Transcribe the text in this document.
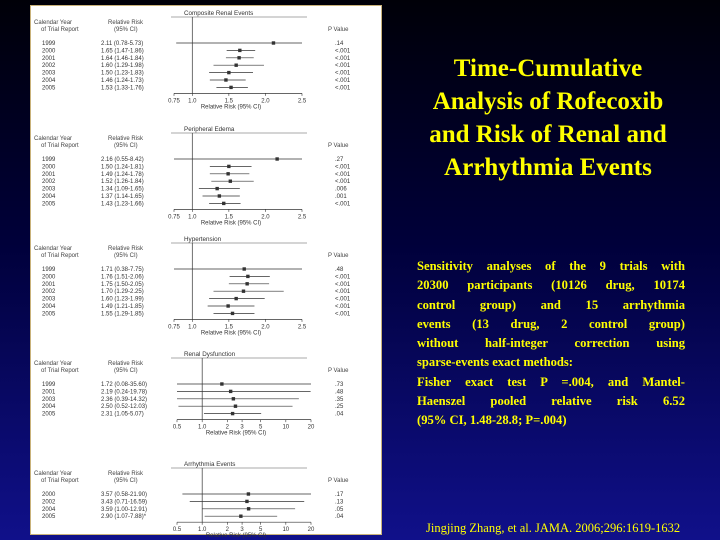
Composite Renal Events
Calendar Year
of Trial Report
Relative Risk
(95% CI)	P Value
1999	2.11 (0.78-5.73)	.14
2000	1.65 (1.47-1.86)	<.001
2001	1.64 (1.46-1.84)	<.001
2002	1.60 (1.29-1.98)	<.001
2003	1.50 (1.23-1.83)	<.001
2004	1.46 (1.24-1.73)	<.001
2005	1.53 (1.33-1.76)	<.001
0.75 1.0	1.5	2.0	2.5
Relative Risk (95% CI)
Peripheral Edema
Calendar Year
of Trial Report
Relative Risk
(95% CI)	P Value
1999	2.16 (0.55-8.42)	.27
2000	1.50 (1.24-1.81)	<.001
2001	1.49 (1.24-1.78)	<.001
2002	1.52 (1.26-1.84)	<.001
2003	1.34 (1.09-1.65)	.006
2004	1.37 (1.14-1.65)	.001
2005	1.43 (1.23-1.66)	<.001
0.75 1.0	1.5	2.0	2.5
Relative Risk (95% CI)
Hypertension
Calendar Year
of Trial Report
Relative Risk
(95% CI)	P Value
1999	1.71 (0.38-7.75)	.48
2000	1.76 (1.51-2.06)	<.001
2001	1.75 (1.50-2.05)	<.001
2002	1.70 (1.29-2.25)	<.001
2003	1.60 (1.23-1.99)	<.001
2004	1.49 (1.21-1.85)	<.001
2005	1.55 (1.29-1.85)	<.001
0.75 1.0	1.5	2.0	2.5
Relative Risk (95% CI)
Renal Dysfunction
Calendar Year
of Trial Report
Relative Risk
(95% CI)	P Value
1999	1.72 (0.08-35.60)	.73
2001	2.19 (0.24-19.78)	.48
2003	2.36 (0.39-14.32)	.35
2004	2.50 (0.52-12.03)	.25
2005	2.31 (1.05-5.07)	.04
0.5	1.0	2 3	5	10	20
Relative Risk (95% CI)
Arrhythmia Events
Calendar Year
of Trial Report
Relative Risk
(95% CI)	P Value
2000	3.57 (0.58-21.90)	.17
2002	3.43 (0.71-16.59)	.13
2004	3.59 (1.00-12.91)	.05
2005	2.90 (1.07-7.88)*	.04
0.5	1.0	2 3	5	10	20
Relative Risk (95% CI)
Time-Cumulative
Analysis of Rofecoxib
and Risk of Renal and
Arrhythmia Events
Sensitivity analyses of the 9 trials with
20300 participants (10126 drug, 10174
control group) and 15 arrhythmia
events (13 drug, 2 control group)
without half-integer correction using
sparse-events exact methods:
Fisher exact test P =.004, and Mantel-
Haenszel pooled relative risk 6.52
(95% CI, 1.48-28.8; P=.004)
Jingjing Zhang, et al. JAMA. 2006;296:1619-1632
